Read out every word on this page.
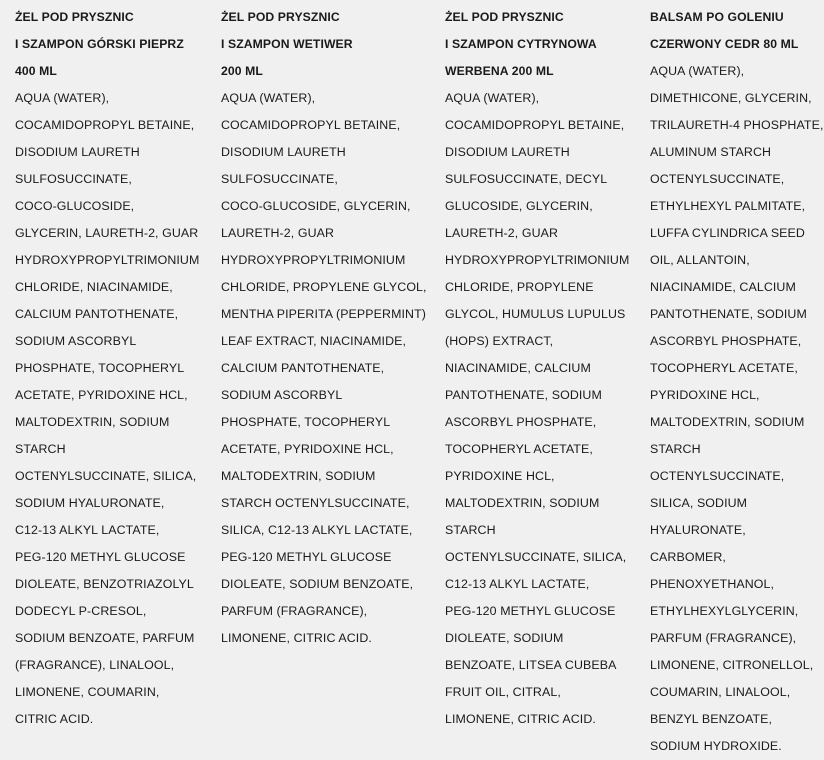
ŻEL POD PRYSZNIC
I SZAMPON GÓRSKI PIEPRZ
400 ML
AQUA (WATER),
COCAMIDOPROPYL BETAINE,
DISODIUM LAURETH
SULFOSUCCINATE,
COCO-GLUCOSIDE,
GLYCERIN, LAURETH-2, GUAR
HYDROXYPROPYLTRIMONIUM
CHLORIDE, NIACINAMIDE,
CALCIUM PANTOTHENATE,
SODIUM ASCORBYL
PHOSPHATE, TOCOPHERYL
ACETATE, PYRIDOXINE HCL,
MALTODEXTRIN, SODIUM
STARCH
OCTENYLSUCCINATE, SILICA,
SODIUM HYALURONATE,
C12-13 ALKYL LACTATE,
PEG-120 METHYL GLUCOSE
DIOLEATE, BENZOTRIAZOLYL
DODECYL P-CRESOL,
SODIUM BENZOATE, PARFUM
(FRAGRANCE), LINALOOL,
LIMONENE, COUMARIN,
CITRIC ACID.
ŻEL POD PRYSZNIC
I SZAMPON WETIWER
200 ML
AQUA (WATER),
COCAMIDOPROPYL BETAINE,
DISODIUM LAURETH
SULFOSUCCINATE,
COCO-GLUCOSIDE, GLYCERIN,
LAURETH-2, GUAR
HYDROXYPROPYLTRIMONIUM
CHLORIDE, PROPYLENE GLYCOL,
MENTHA PIPERITA (PEPPERMINT)
LEAF EXTRACT, NIACINAMIDE,
CALCIUM PANTOTHENATE,
SODIUM ASCORBYL
PHOSPHATE, TOCOPHERYL
ACETATE, PYRIDOXINE HCL,
MALTODEXTRIN, SODIUM
STARCH OCTENYLSUCCINATE,
SILICA, C12-13 ALKYL LACTATE,
PEG-120 METHYL GLUCOSE
DIOLEATE, SODIUM BENZOATE,
PARFUM (FRAGRANCE),
LIMONENE, CITRIC ACID.
ŻEL POD PRYSZNIC
I SZAMPON CYTRYNOWA
WERBENA 200 ML
AQUA (WATER),
COCAMIDOPROPYL BETAINE,
DISODIUM LAURETH
SULFOSUCCINATE, DECYL
GLUCOSIDE, GLYCERIN,
LAURETH-2, GUAR
HYDROXYPROPYLTRIMONIUM
CHLORIDE, PROPYLENE
GLYCOL, HUMULUS LUPULUS
(HOPS) EXTRACT,
NIACINAMIDE, CALCIUM
PANTOTHENATE, SODIUM
ASCORBYL PHOSPHATE,
TOCOPHERYL ACETATE,
PYRIDOXINE HCL,
MALTODEXTRIN, SODIUM
STARCH
OCTENYLSUCCINATE, SILICA,
C12-13 ALKYL LACTATE,
PEG-120 METHYL GLUCOSE
DIOLEATE, SODIUM
BENZOATE, LITSEA CUBEBA
FRUIT OIL, CITRAL,
LIMONENE, CITRIC ACID.
BALSAM PO GOLENIU
CZERWONY CEDR 80 ML
AQUA (WATER),
DIMETHICONE, GLYCERIN,
TRILAURETH-4 PHOSPHATE,
ALUMINUM STARCH
OCTENYLSUCCINATE,
ETHYLHEXYL PALMITATE,
LUFFA CYLINDRICA SEED
OIL, ALLANTOIN,
NIACINAMIDE, CALCIUM
PANTOTHENATE, SODIUM
ASCORBYL PHOSPHATE,
TOCOPHERYL ACETATE,
PYRIDOXINE HCL,
MALTODEXTRIN, SODIUM
STARCH
OCTENYLSUCCINATE,
SILICA, SODIUM
HYALURONATE,
CARBOMER,
PHENOXYETHANOL,
ETHYLHEXYLGLYCERIN,
PARFUM (FRAGRANCE),
LIMONENE, CITRONELLOL,
COUMARIN, LINALOOL,
BENZYL BENZOATE,
SODIUM HYDROXIDE.
